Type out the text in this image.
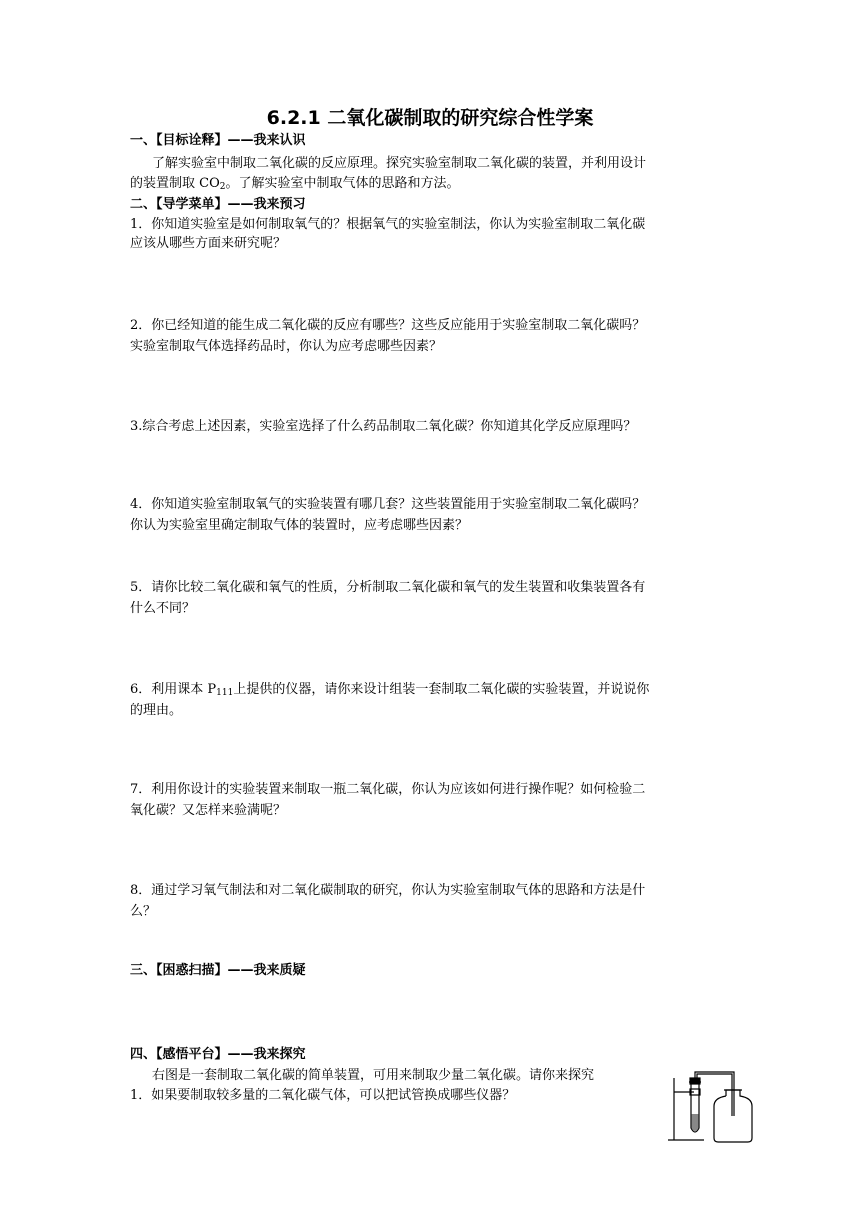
6.2.1 二氧化碳制取的研究综合性学案
一、【目标诠释】——我来认识
了解实验室中制取二氧化碳的反应原理。探究实验室制取二氧化碳的装置，并利用设计
的装置制取 $CO_2$。了解实验室中制取气体的思路和方法。
二、【导学菜单】——我来预习
1．你知道实验室是如何制取氧气的？根据氧气的实验室制法，你认为实验室制取二氧化碳
应该从哪些方面来研究呢？
2．你已经知道的能生成二氧化碳的反应有哪些？这些反应能用于实验室制取二氧化碳吗？
实验室制取气体选择药品时，你认为应考虑哪些因素？
3.综合考虑上述因素，实验室选择了什么药品制取二氧化碳？你知道其化学反应原理吗？
4．你知道实验室制取氧气的实验装置有哪几套？这些装置能用于实验室制取二氧化碳吗？
你认为实验室里确定制取气体的装置时，应考虑哪些因素？
5．请你比较二氧化碳和氧气的性质，分析制取二氧化碳和氧气的发生装置和收集装置各有
什么不同？
6．利用课本 $P_{111}$上提供的仪器，请你来设计组装一套制取二氧化碳的实验装置，并说说你
的理由。
7．利用你设计的实验装置来制取一瓶二氧化碳，你认为应该如何进行操作呢？如何检验二
氧化碳？又怎样来验满呢？
8．通过学习氧气制法和对二氧化碳制取的研究，你认为实验室制取气体的思路和方法是什
么？
三、【困惑扫描】——我来质疑
四、【感悟平台】——我来探究
右图是一套制取二氧化碳的简单装置，可用来制取少量二氧化碳。请你来探究
1．如果要制取较多量的二氧化碳气体，可以把试管换成哪些仪器？
